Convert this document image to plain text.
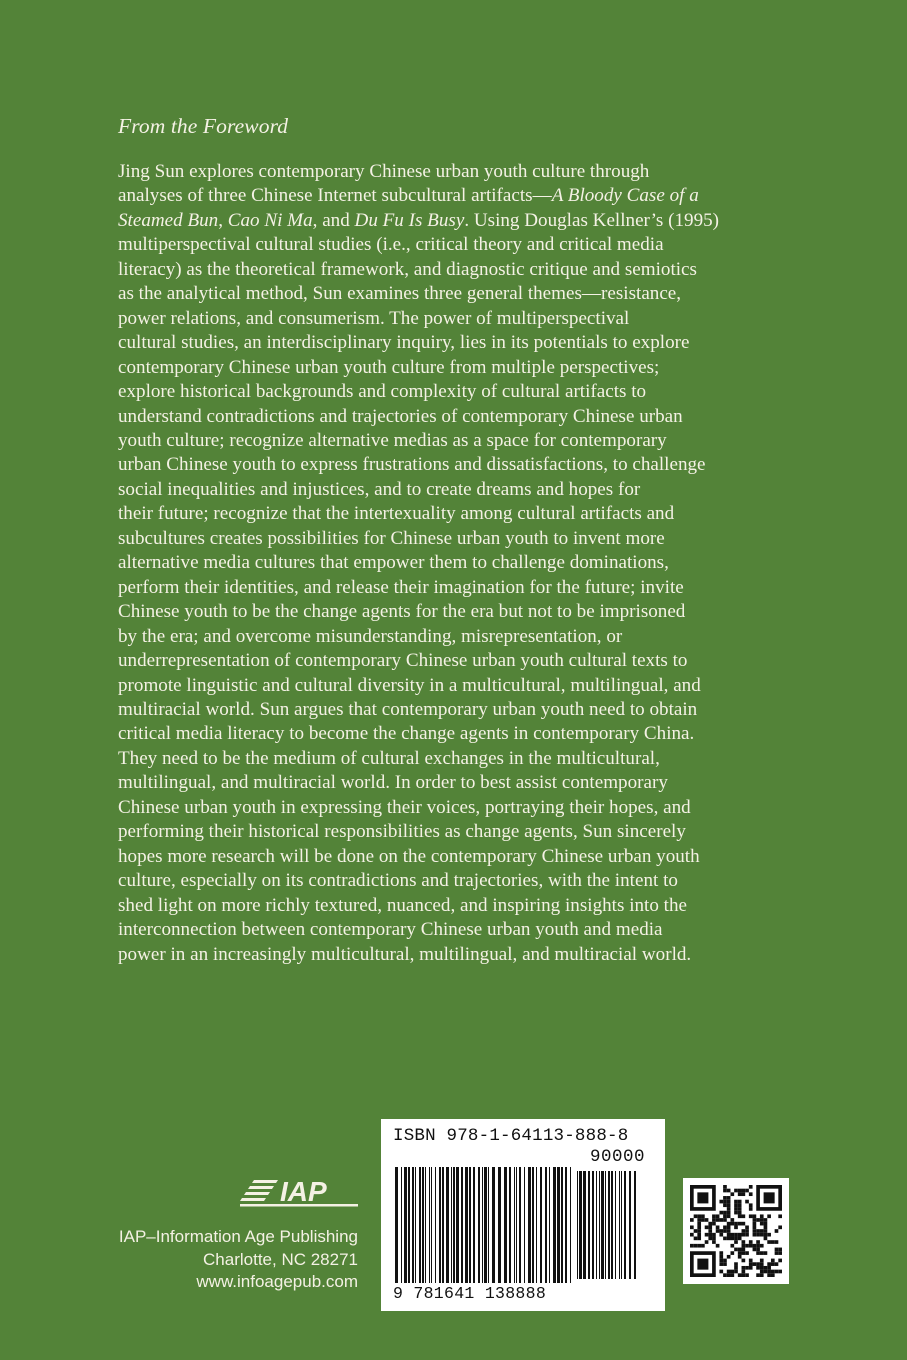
From the Foreword

Jing Sun explores contemporary Chinese urban youth culture through
analyses of three Chinese Internet subcultural artifacts—A Bloody Case of a
Steamed Bun, Cao Ni Ma, and Du Fu Is Busy. Using Douglas Kellner’s (1995)
multiperspectival cultural studies (i.e., critical theory and critical media
literacy) as the theoretical framework, and diagnostic critique and semiotics
as the analytical method, Sun examines three general themes—resistance,
power relations, and consumerism. The power of multiperspectival
cultural studies, an interdisciplinary inquiry, lies in its potentials to explore
contemporary Chinese urban youth culture from multiple perspectives;
explore historical backgrounds and complexity of cultural artifacts to
understand contradictions and trajectories of contemporary Chinese urban
youth culture; recognize alternative medias as a space for contemporary
urban Chinese youth to express frustrations and dissatisfactions, to challenge
social inequalities and injustices, and to create dreams and hopes for
their future; recognize that the intertexuality among cultural artifacts and
subcultures creates possibilities for Chinese urban youth to invent more
alternative media cultures that empower them to challenge dominations,
perform their identities, and release their imagination for the future; invite
Chinese youth to be the change agents for the era but not to be imprisoned
by the era; and overcome misunderstanding, misrepresentation, or
underrepresentation of contemporary Chinese urban youth cultural texts to
promote linguistic and cultural diversity in a multicultural, multilingual, and
multiracial world. Sun argues that contemporary urban youth need to obtain
critical media literacy to become the change agents in contemporary China.
They need to be the medium of cultural exchanges in the multicultural,
multilingual, and multiracial world. In order to best assist contemporary
Chinese urban youth in expressing their voices, portraying their hopes, and
performing their historical responsibilities as change agents, Sun sincerely
hopes more research will be done on the contemporary Chinese urban youth
culture, especially on its contradictions and trajectories, with the intent to
shed light on more richly textured, nuanced, and inspiring insights into the
interconnection between contemporary Chinese urban youth and media
power in an increasingly multicultural, multilingual, and multiracial world.

IAP
IAP–Information Age Publishing
Charlotte, NC 28271
www.infoagepub.com
ISBN 978-1-64113-888-8
90000
9 781641 138888
